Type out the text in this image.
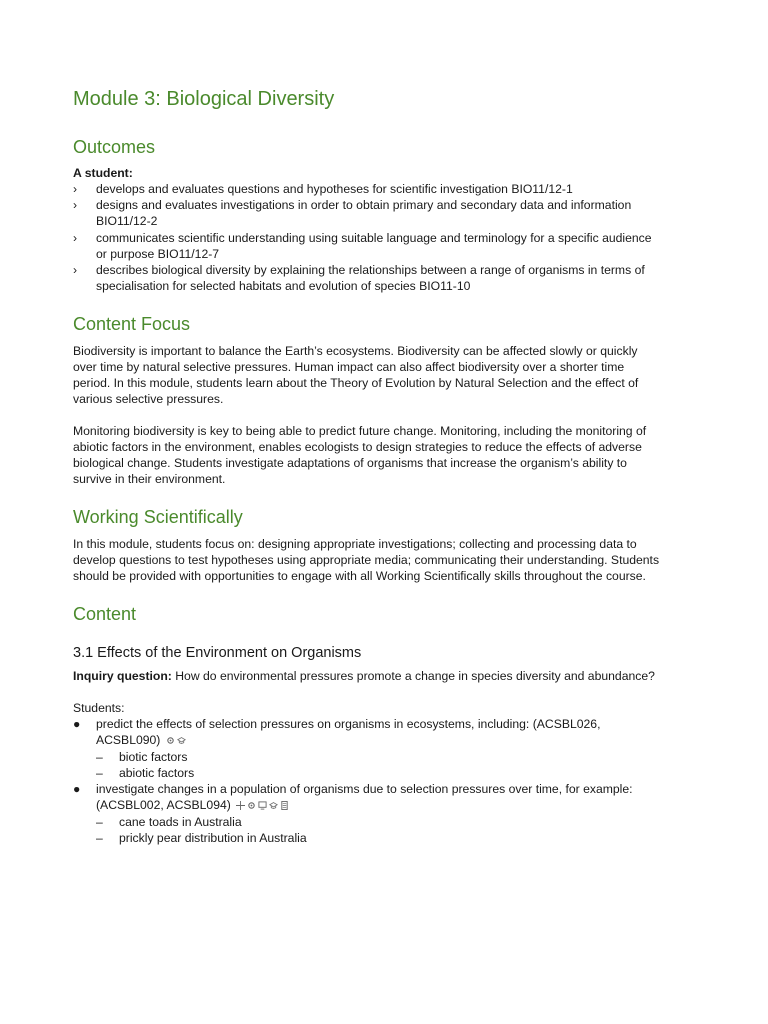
Module 3: Biological Diversity
Outcomes
A student:
› develops and evaluates questions and hypotheses for scientific investigation BIO11/12-1
› designs and evaluates investigations in order to obtain primary and secondary data and information
BIO11/12-2
› communicates scientific understanding using suitable language and terminology for a specific audience
or purpose BIO11/12-7
› describes biological diversity by explaining the relationships between a range of organisms in terms of
specialisation for selected habitats and evolution of species BIO11-10
Content Focus
Biodiversity is important to balance the Earth’s ecosystems. Biodiversity can be affected slowly or quickly
over time by natural selective pressures. Human impact can also affect biodiversity over a shorter time
period. In this module, students learn about the Theory of Evolution by Natural Selection and the effect of
various selective pressures.
Monitoring biodiversity is key to being able to predict future change. Monitoring, including the monitoring of
abiotic factors in the environment, enables ecologists to design strategies to reduce the effects of adverse
biological change. Students investigate adaptations of organisms that increase the organism’s ability to
survive in their environment.
Working Scientifically
In this module, students focus on: designing appropriate investigations; collecting and processing data to
develop questions to test hypotheses using appropriate media; communicating their understanding. Students
should be provided with opportunities to engage with all Working Scientifically skills throughout the course.
Content
3.1 Effects of the Environment on Organisms
Inquiry question: How do environmental pressures promote a change in species diversity and abundance?
Students:
● predict the effects of selection pressures on organisms in ecosystems, including: (ACSBL026,
ACSBL090)
– biotic factors
– abiotic factors
● investigate changes in a population of organisms due to selection pressures over time, for example:
(ACSBL002, ACSBL094)
– cane toads in Australia
– prickly pear distribution in Australia
